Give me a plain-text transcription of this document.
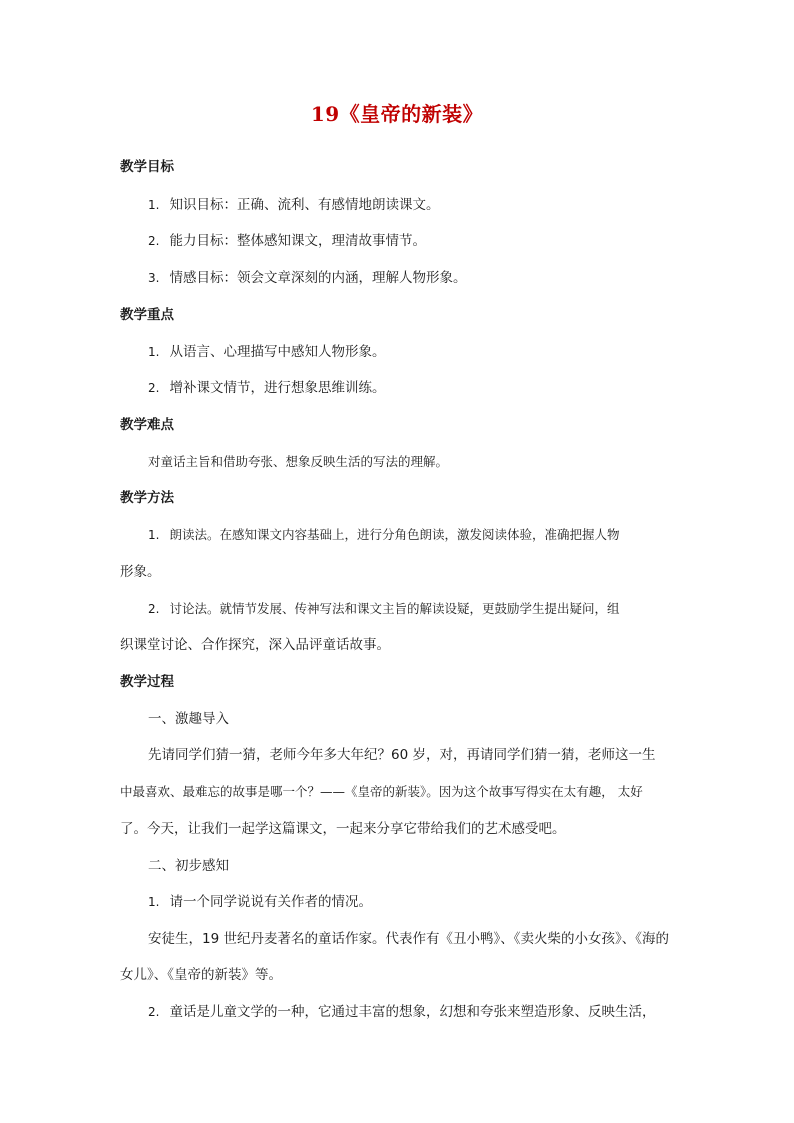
19《皇帝的新装》
教学目标
1. 知识目标：正确、流利、有感情地朗读课文。
2. 能力目标：整体感知课文，理清故事情节。
3. 情感目标：领会文章深刻的内涵，理解人物形象。
教学重点
1. 从语言、心理描写中感知人物形象。
2. 增补课文情节，进行想象思维训练。
教学难点
对童话主旨和借助夸张、想象反映生活的写法的理解。
教学方法
1. 朗读法。在感知课文内容基础上，进行分角色朗读，激发阅读体验，准确把握人物
形象。
2. 讨论法。就情节发展、传神写法和课文主旨的解读设疑，更鼓励学生提出疑问，组
织课堂讨论、合作探究，深入品评童话故事。
教学过程
一、激趣导入
先请同学们猜一猜，老师今年多大年纪？60 岁，对，再请同学们猜一猜，老师这一生
中最喜欢、最难忘的故事是哪一个？——《皇帝的新装》。因为这个故事写得实在太有趣， 太好
了。今天，让我们一起学这篇课文，一起来分享它带给我们的艺术感受吧。
二、初步感知
1. 请一个同学说说有关作者的情况。
安徒生，19 世纪丹麦著名的童话作家。代表作有《丑小鸭》、《卖火柴的小女孩》、《海的
女儿》、《皇帝的新装》等。
2. 童话是儿童文学的一种，它通过丰富的想象，幻想和夸张来塑造形象、反映生活，
